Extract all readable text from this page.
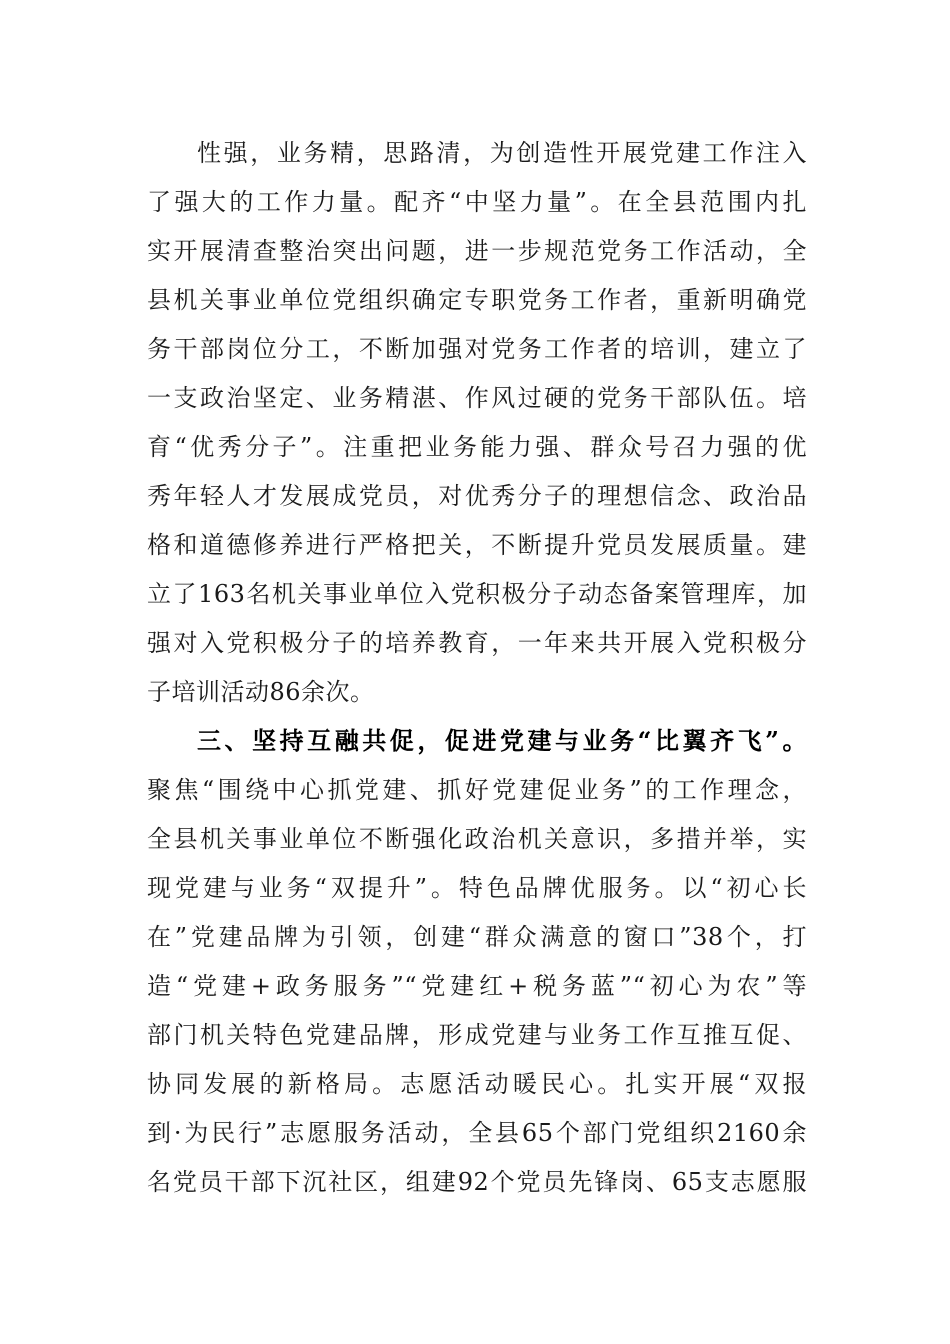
性强，业务精，思路清，为创造性开展党建工作注入
了强大的工作力量。配齐“中坚力量”。在全县范围内扎
实开展清查整治突出问题，进一步规范党务工作活动，全
县机关事业单位党组织确定专职党务工作者，重新明确党
务干部岗位分工，不断加强对党务工作者的培训，建立了
一支政治坚定、业务精湛、作风过硬的党务干部队伍。培
育“优秀分子”。注重把业务能力强、群众号召力强的优
秀年轻人才发展成党员，对优秀分子的理想信念、政治品
格和道德修养进行严格把关，不断提升党员发展质量。建
立了163名机关事业单位入党积极分子动态备案管理库，加
强对入党积极分子的培养教育，一年来共开展入党积极分
子培训活动86余次。
三、坚持互融共促，促进党建与业务“比翼齐飞”。
聚焦“围绕中心抓党建、抓好党建促业务”的工作理念，
全县机关事业单位不断强化政治机关意识，多措并举，实
现党建与业务“双提升”。特色品牌优服务。以“初心长
在”党建品牌为引领，创建“群众满意的窗口”38个，打
造“党建+政务服务”“党建红+税务蓝”“初心为农”等
部门机关特色党建品牌，形成党建与业务工作互推互促、
协同发展的新格局。志愿活动暖民心。扎实开展“双报
到·为民行”志愿服务活动，全县65个部门党组织2160余
名党员干部下沉社区，组建92个党员先锋岗、65支志愿服
